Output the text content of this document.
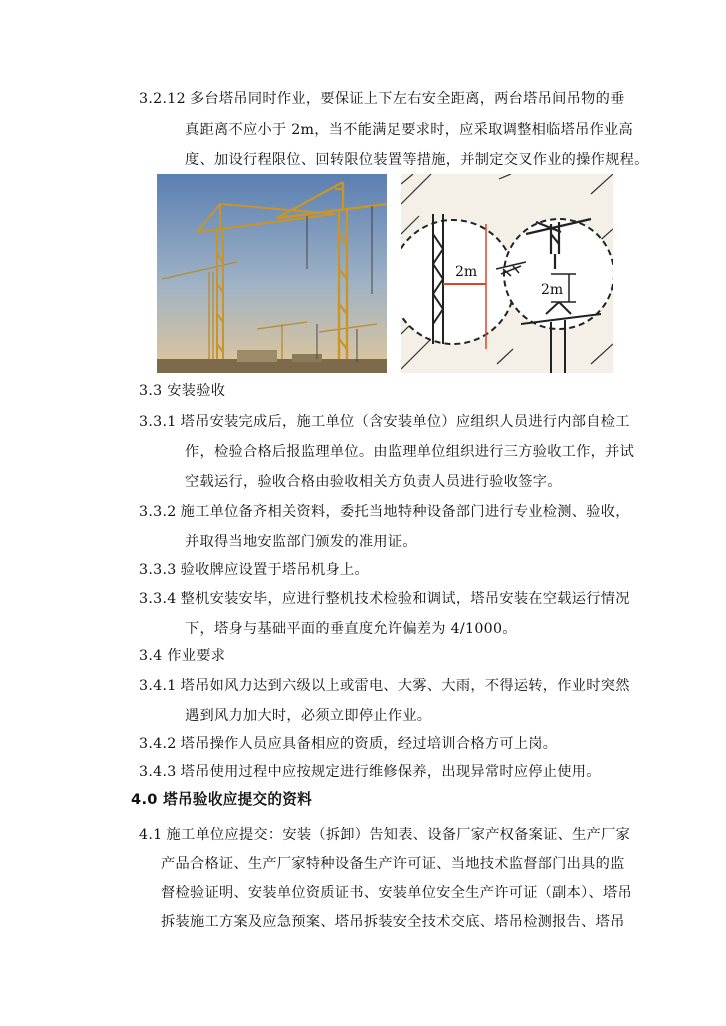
3.2.12 多台塔吊同时作业，要保证上下左右安全距离，两台塔吊间吊物的垂
真距离不应小于 2m，当不能满足要求时，应采取调整相临塔吊作业高
度、加设行程限位、回转限位装置等措施，并制定交叉作业的操作规程。
2m
2m
3.3 安装验收
3.3.1 塔吊安装完成后，施工单位（含安装单位）应组织人员进行内部自检工
作，检验合格后报监理单位。由监理单位组织进行三方验收工作，并试
空载运行，验收合格由验收相关方负责人员进行验收签字。
3.3.2 施工单位备齐相关资料，委托当地特种设备部门进行专业检测、验收，
并取得当地安监部门颁发的准用证。
3.3.3 验收牌应设置于塔吊机身上。
3.3.4 整机安装安毕，应进行整机技术检验和调试，塔吊安装在空载运行情况
下，塔身与基础平面的垂直度允许偏差为 4/1000。
3.4 作业要求
3.4.1 塔吊如风力达到六级以上或雷电、大雾、大雨，不得运转，作业时突然
遇到风力加大时，必须立即停止作业。
3.4.2 塔吊操作人员应具备相应的资质，经过培训合格方可上岗。
3.4.3 塔吊使用过程中应按规定进行维修保养，出现异常时应停止使用。
4.0 塔吊验收应提交的资料
4.1 施工单位应提交：安装（拆卸）告知表、设备厂家产权备案证、生产厂家
产品合格证、生产厂家特种设备生产许可证、当地技术监督部门出具的监
督检验证明、安装单位资质证书、安装单位安全生产许可证（副本）、塔吊
拆装施工方案及应急预案、塔吊拆装安全技术交底、塔吊检测报告、塔吊
